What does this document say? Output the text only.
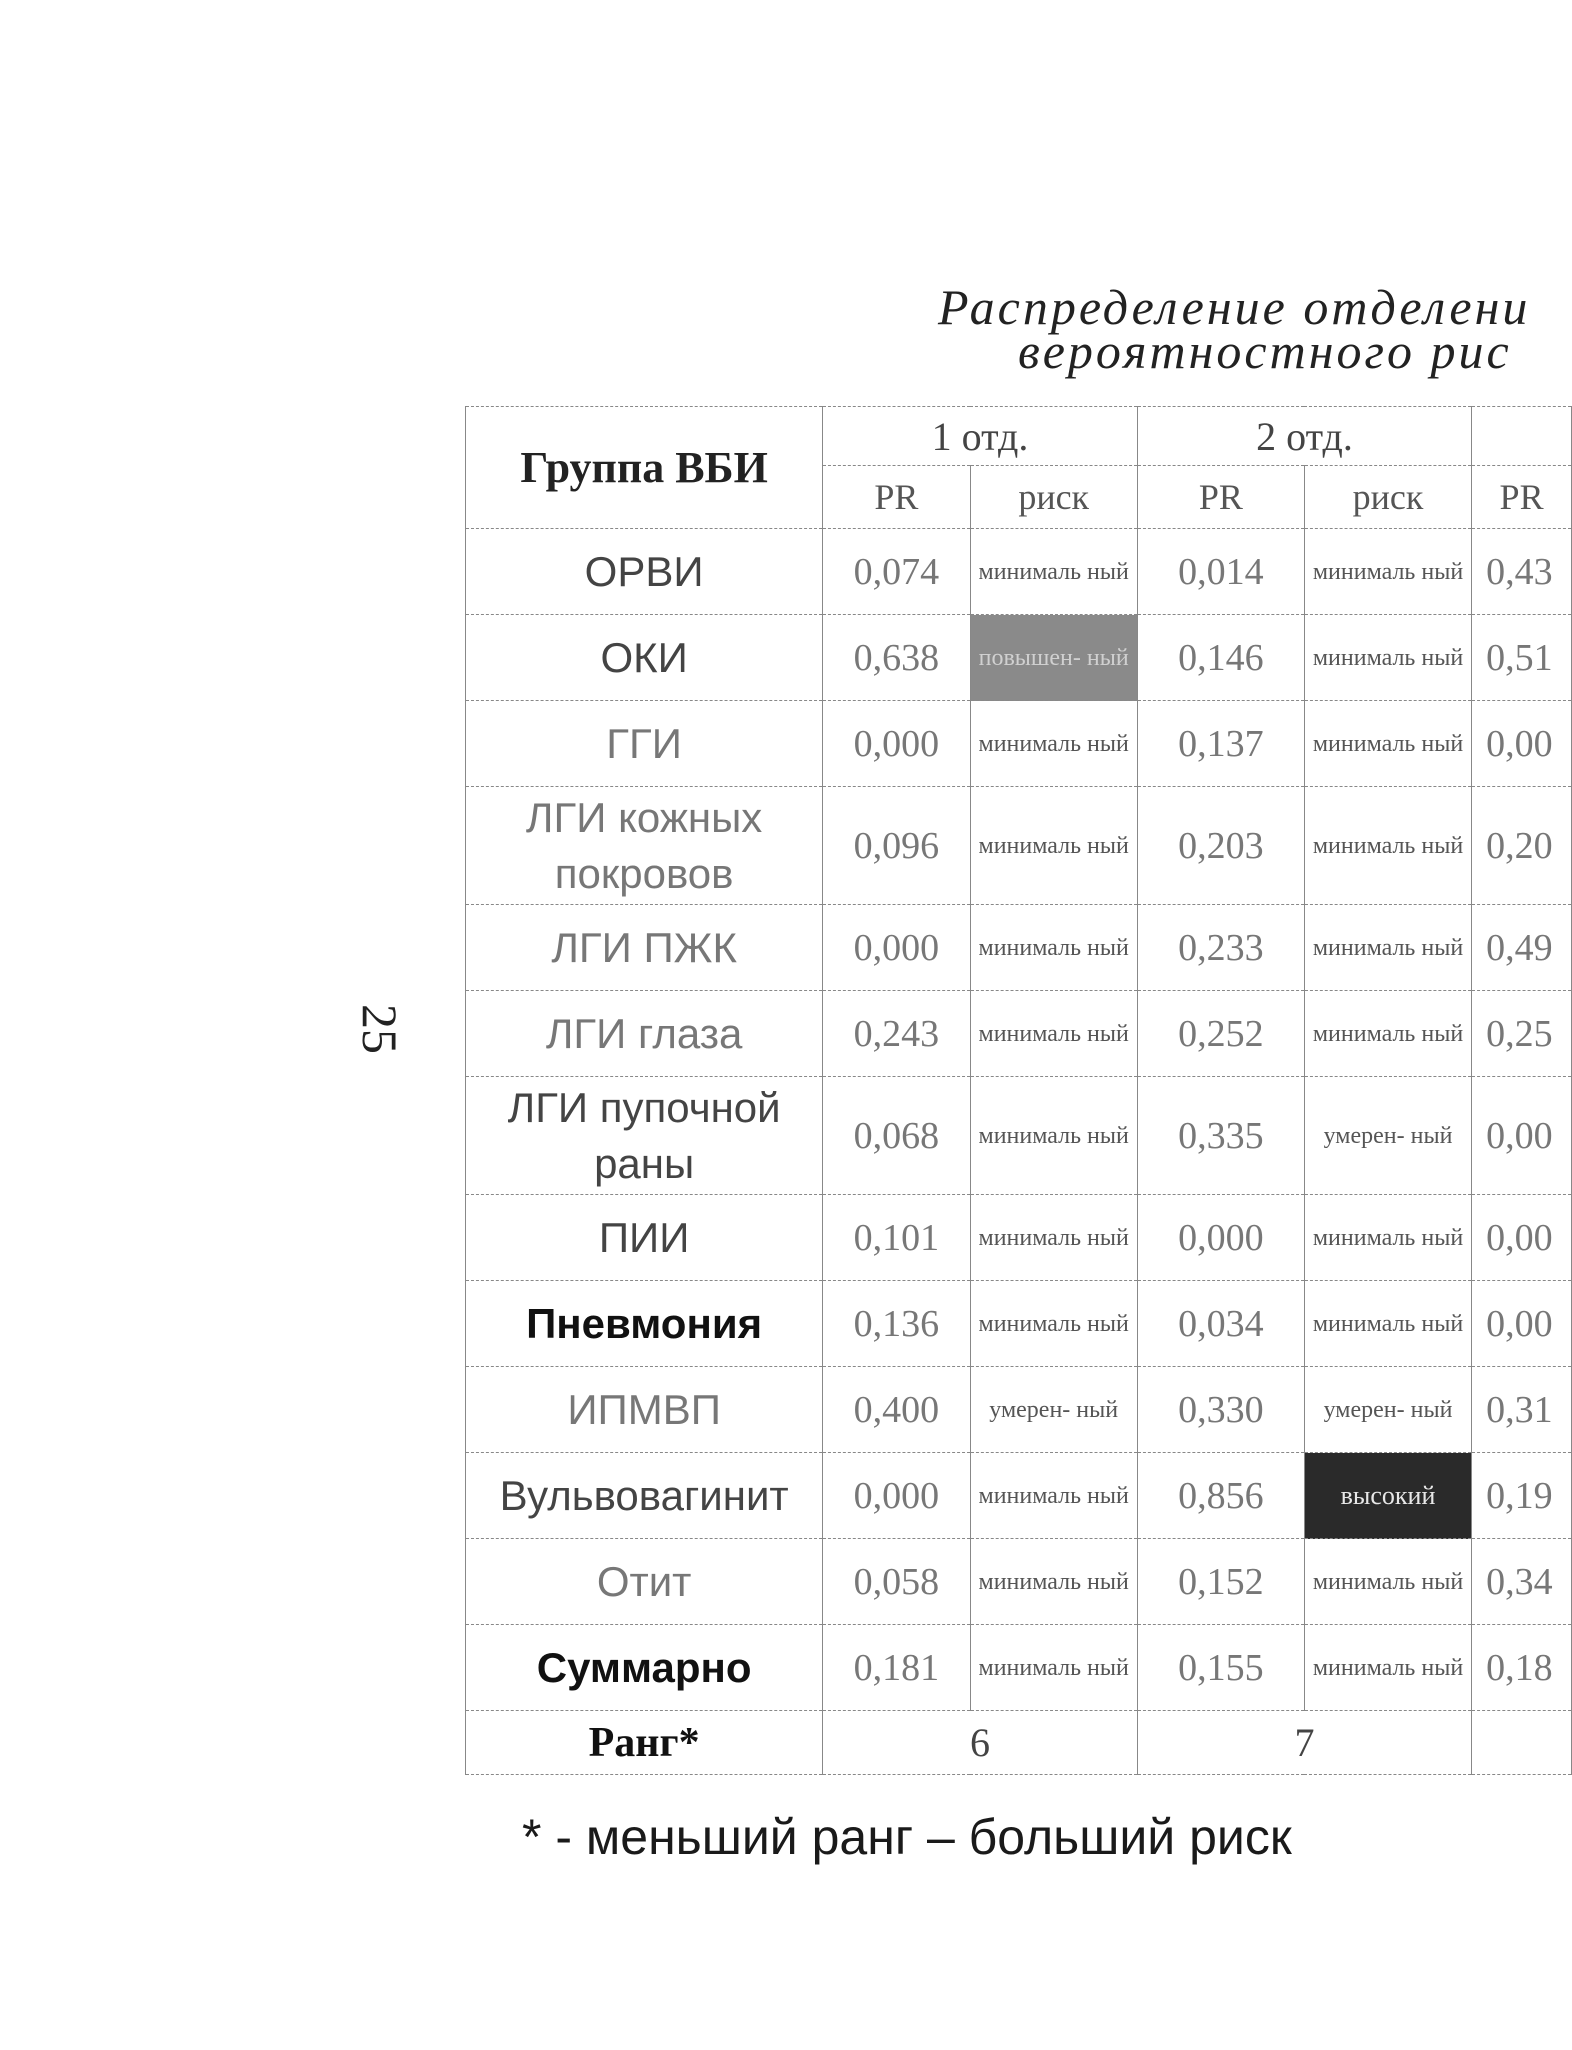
Распределение отделени
вероятностного рис
25
Группа ВБИ	1 отд.		2 отд.		
	PR	риск	PR	риск	PR
ОРВИ	0,074	минималь ный	0,014	минималь ный	0,43
ОКИ	0,638	повышен- ный	0,146	минималь ный	0,51
ГГИ	0,000	минималь ный	0,137	минималь ный	0,00
ЛГИ кожных покровов	0,096	минималь ный	0,203	минималь ный	0,20
ЛГИ ПЖК	0,000	минималь ный	0,233	минималь ный	0,49
ЛГИ глаза	0,243	минималь ный	0,252	минималь ный	0,25
ЛГИ пупочной раны	0,068	минималь ный	0,335	умерен- ный	0,00
ПИИ	0,101	минималь ный	0,000	минималь ный	0,00
Пневмония	0,136	минималь ный	0,034	минималь ный	0,00
ИПМВП	0,400	умерен- ный	0,330	умерен- ный	0,31
Вульвовагинит	0,000	минималь ный	0,856	высокий	0,19
Отит	0,058	минималь ный	0,152	минималь ный	0,34
Суммарно	0,181	минималь ный	0,155	минималь ный	0,18
Ранг*	6		7		
* - меньший ранг – больший риск
